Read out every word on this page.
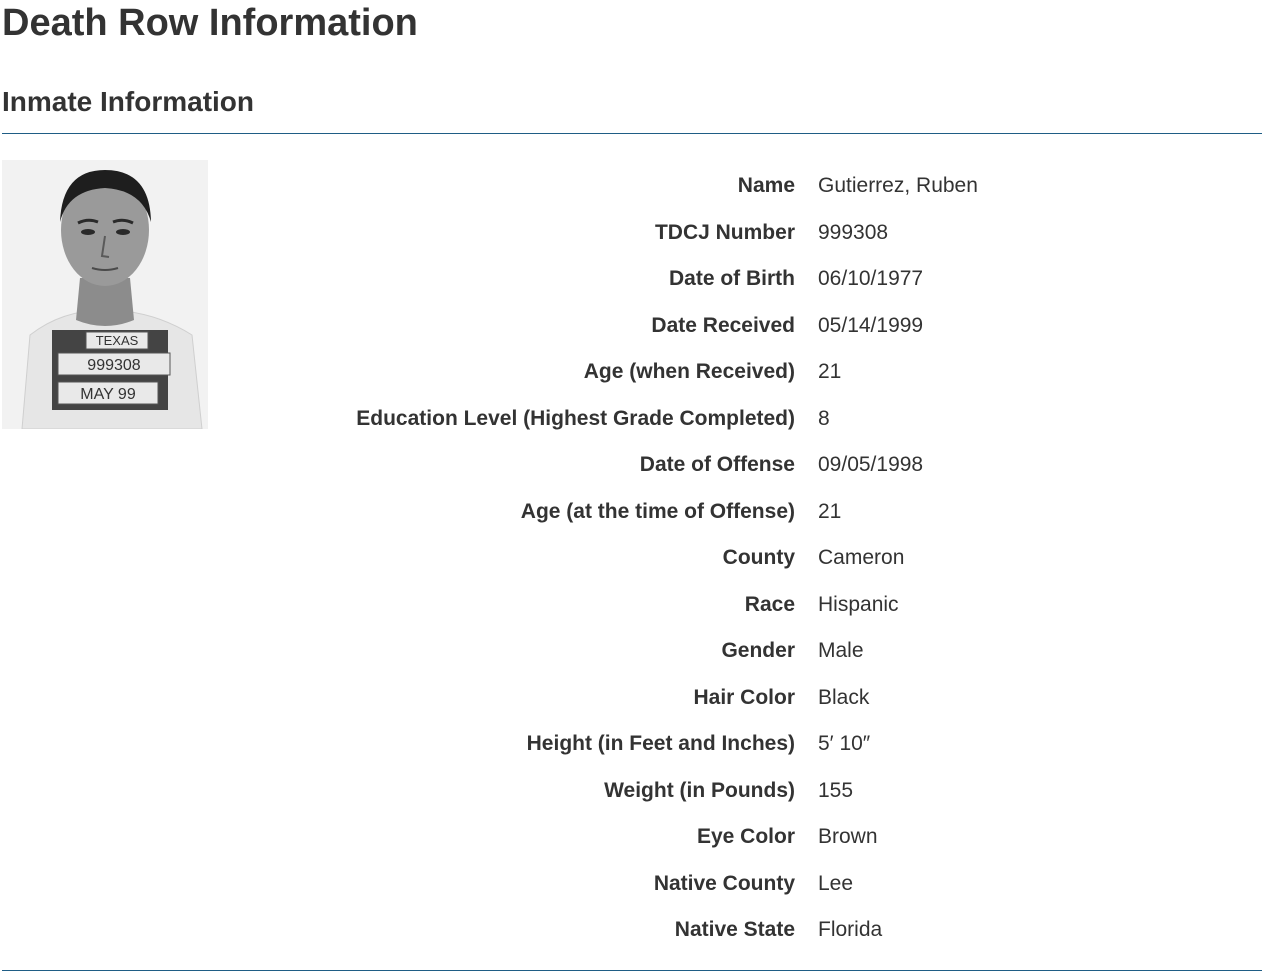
Death Row Information
Inmate Information
TEXAS
999308
MAY 99
Name Gutierrez, Ruben
TDCJ Number 999308
Date of Birth 06/10/1977
Date Received 05/14/1999
Age (when Received) 21
Education Level (Highest Grade Completed) 8
Date of Offense 09/05/1998
Age (at the time of Offense) 21
County Cameron
Race Hispanic
Gender Male
Hair Color Black
Height (in Feet and Inches) 5′ 10″
Weight (in Pounds) 155
Eye Color Brown
Native County Lee
Native State Florida
